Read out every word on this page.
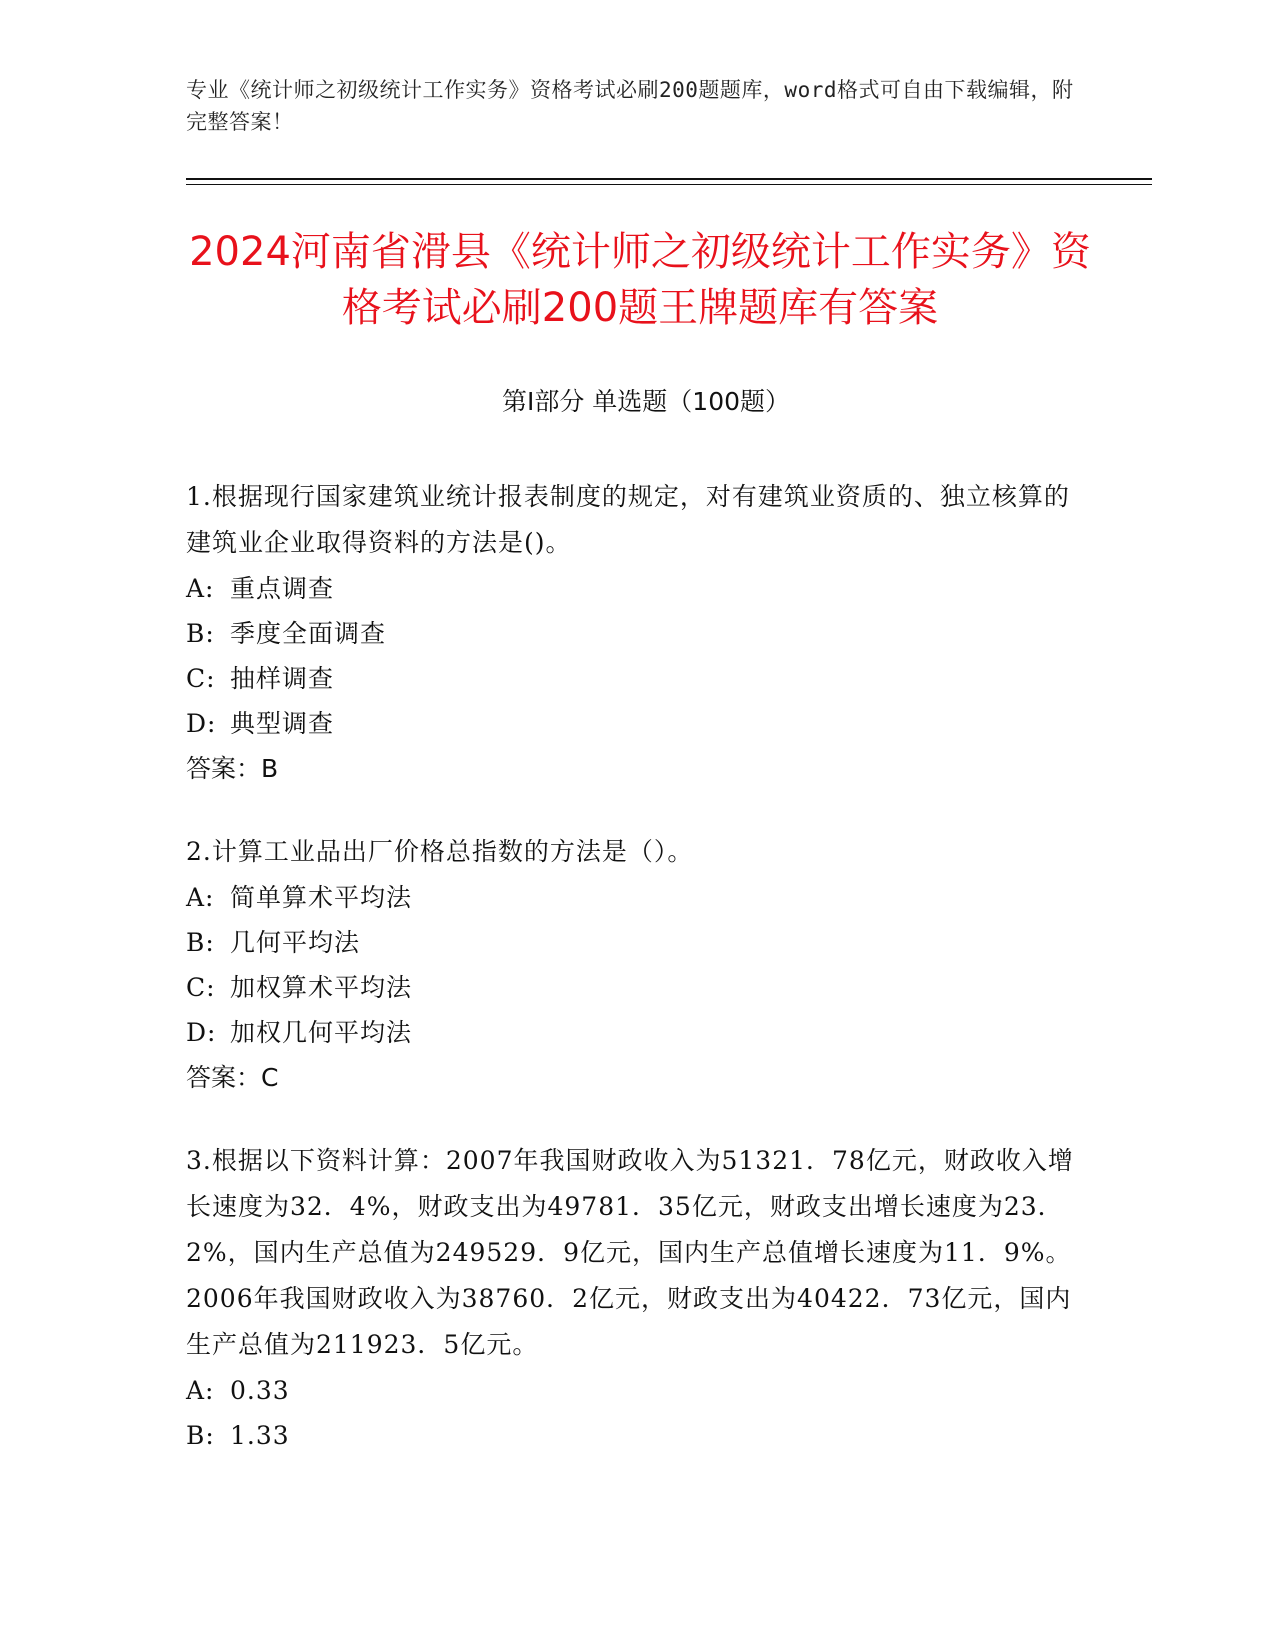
专业《统计师之初级统计工作实务》资格考试必刷200题题库，word格式可自由下载编辑，附完整答案！
2024河南省滑县《统计师之初级统计工作实务》资格考试必刷200题王牌题库有答案
第Ⅰ部分 单选题（100题）

1.根据现行国家建筑业统计报表制度的规定，对有建筑业资质的、独立核算的建筑业企业取得资料的方法是()。

A: 重点调查
B: 季度全面调查
C: 抽样调查
D: 典型调查
答案：B

2.计算工业品出厂价格总指数的方法是（）。

A: 简单算术平均法
B: 几何平均法
C: 加权算术平均法
D: 加权几何平均法
答案：C

3.根据以下资料计算：2007年我国财政收入为51321．78亿元，财政收入增长速度为32．4%，财政支出为49781．35亿元，财政支出增长速度为23．2%，国内生产总值为249529．9亿元，国内生产总值增长速度为11．9%。2006年我国财政收入为38760．2亿元，财政支出为40422．73亿元，国内生产总值为211923．5亿元。

A: 0.33
B: 1.33
